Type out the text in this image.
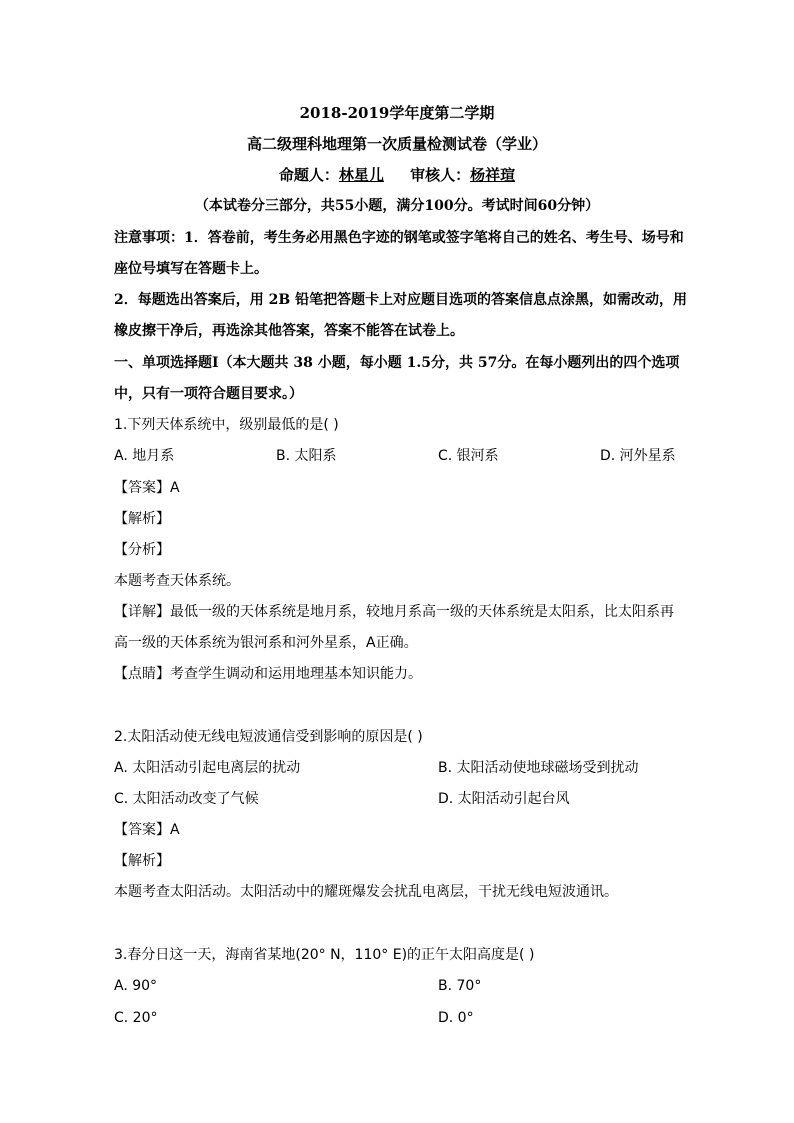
2018-2019学年度第二学期
高二级理科地理第一次质量检测试卷（学业）
命题人：林星儿 审核人：杨祥瑄
（本试卷分三部分，共55小题，满分100分。考试时间60分钟）
注意事项：1．答卷前，考生务必用黑色字迹的钢笔或签字笔将自己的姓名、考生号、场号和
座位号填写在答题卡上。
2．每题选出答案后，用 2B 铅笔把答题卡上对应题目选项的答案信息点涂黑，如需改动，用
橡皮擦干净后，再选涂其他答案，答案不能答在试卷上。
一、单项选择题Ⅰ（本大题共 38 小题，每小题 1.5分，共 57分。在每小题列出的四个选项
中，只有一项符合题目要求。）
1.下列天体系统中，级别最低的是( )
A. 地月系	B. 太阳系	C. 银河系	D. 河外星系
【答案】A
【解析】
【分析】
本题考查天体系统。
【详解】最低一级的天体系统是地月系，较地月系高一级的天体系统是太阳系，比太阳系再
高一级的天体系统为银河系和河外星系，A正确。
【点睛】考查学生调动和运用地理基本知识能力。
2.太阳活动使无线电短波通信受到影响的原因是( )
A. 太阳活动引起电离层的扰动	B. 太阳活动使地球磁场受到扰动
C. 太阳活动改变了气候	D. 太阳活动引起台风
【答案】A
【解析】
本题考查太阳活动。太阳活动中的耀斑爆发会扰乱电离层，干扰无线电短波通讯。
3.春分日这一天，海南省某地(20° N，110° E)的正午太阳高度是( )
A. 90°	B. 70°
C. 20°	D. 0°
